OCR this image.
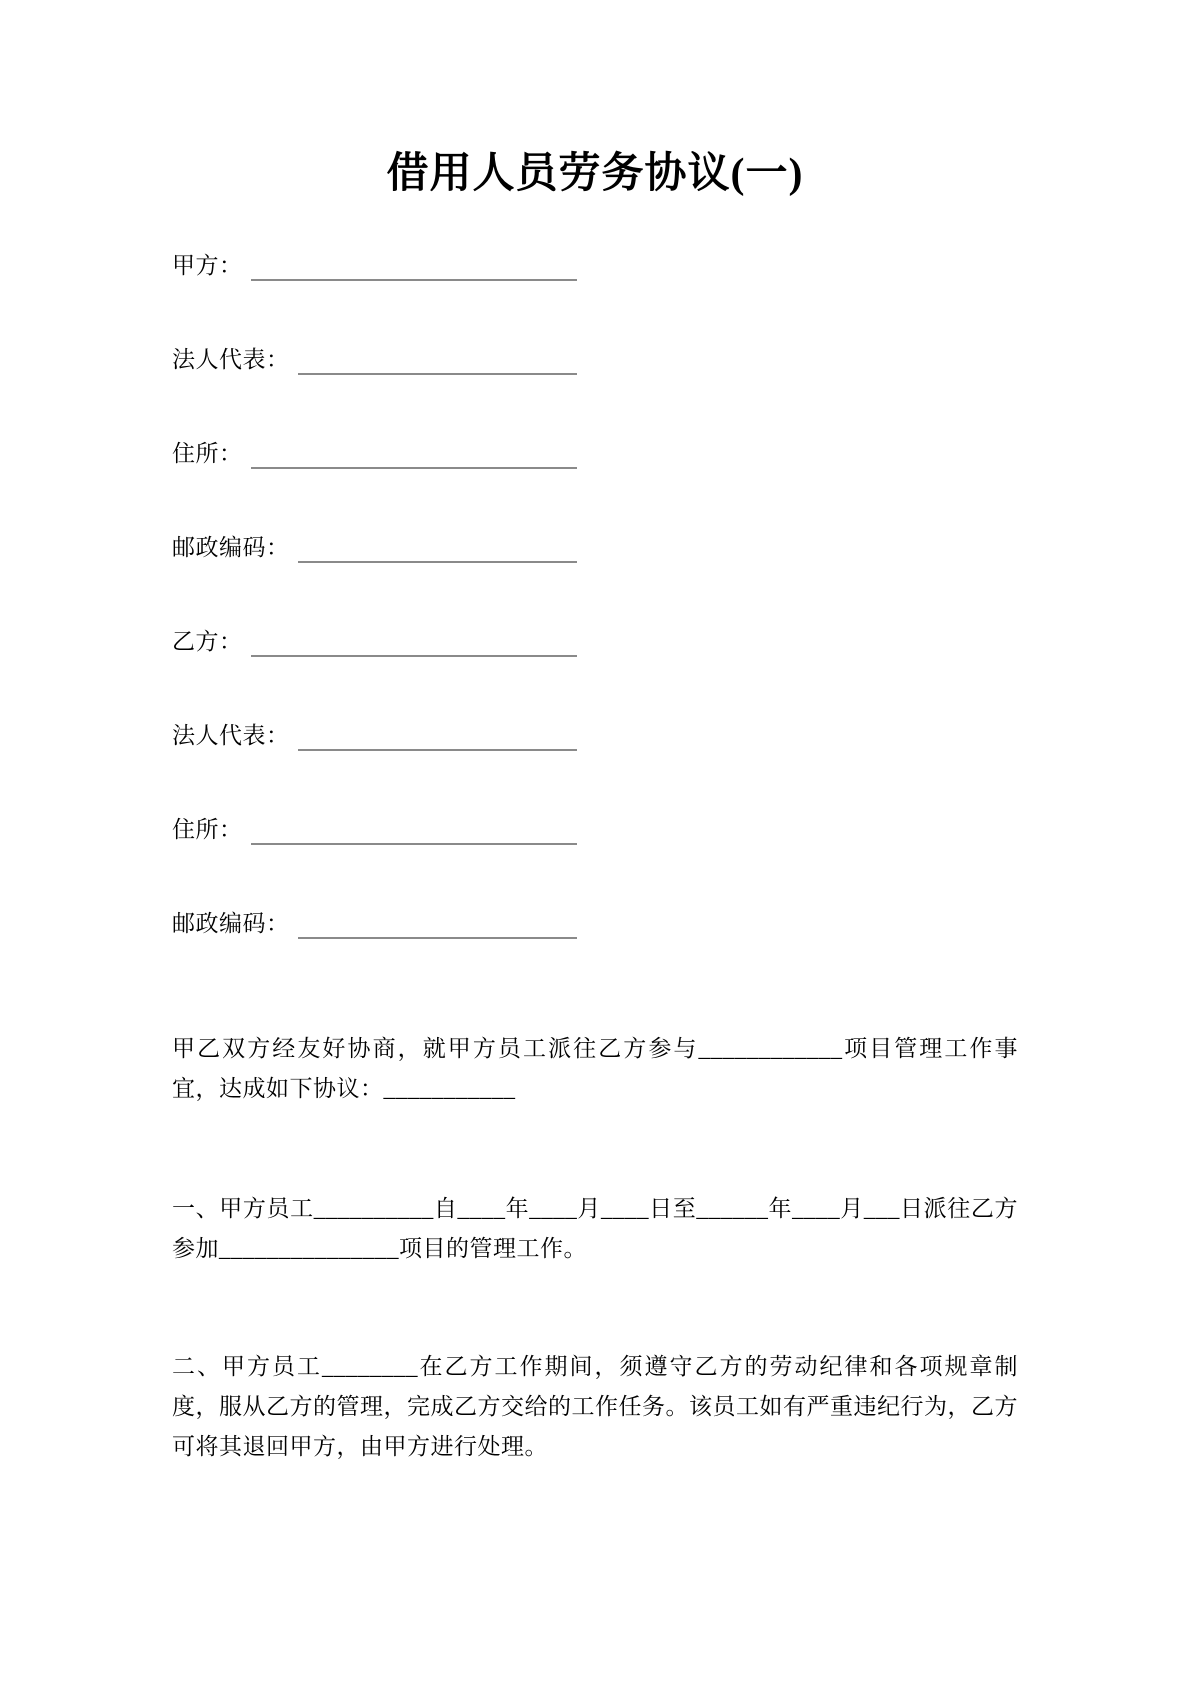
借用人员劳务协议(一)
甲方：
法人代表：
住所：
邮政编码：
乙方：
法人代表：
住所：
邮政编码：

甲乙双方经友好协商，就甲方员工派往乙方参与____________项目管理工作事宜，达成如下协议：___________

一、甲方员工__________自____年____月____日至______年____月___日派往乙方参加_______________项目的管理工作。

二、甲方员工________在乙方工作期间，须遵守乙方的劳动纪律和各项规章制度，服从乙方的管理，完成乙方交给的工作任务。该员工如有严重违纪行为，乙方可将其退回甲方，由甲方进行处理。
